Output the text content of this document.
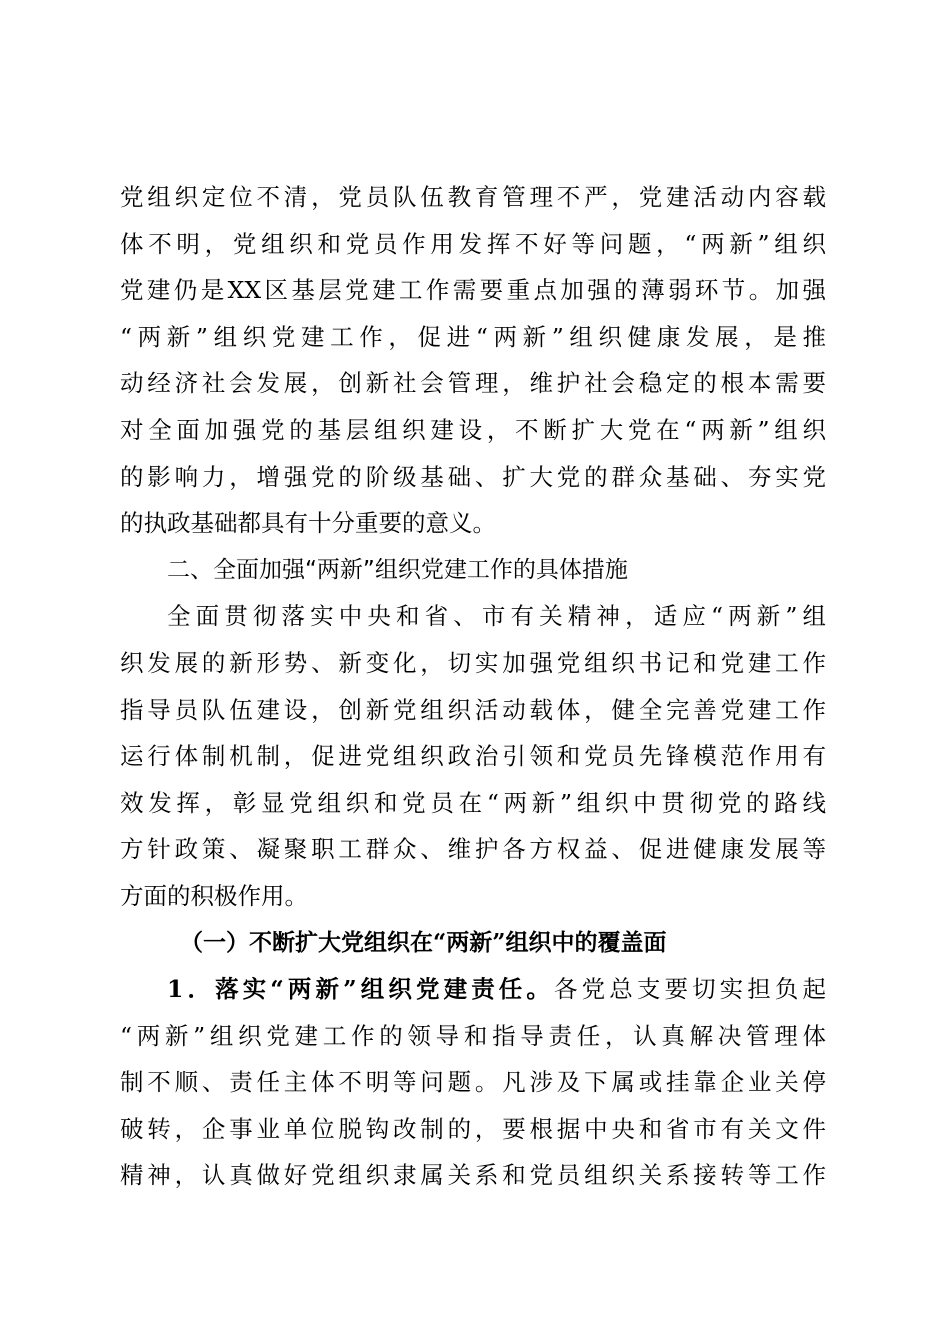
党组织定位不清，党员队伍教育管理不严，党建活动内容载
体不明，党组织和党员作用发挥不好等问题，“两新”组织
党建仍是XX区基层党建工作需要重点加强的薄弱环节。加强
“两新”组织党建工作，促进“两新”组织健康发展，是推
动经济社会发展，创新社会管理，维护社会稳定的根本需要
对全面加强党的基层组织建设，不断扩大党在“两新”组织
的影响力，增强党的阶级基础、扩大党的群众基础、夯实党
的执政基础都具有十分重要的意义。
二、全面加强“两新”组织党建工作的具体措施
全面贯彻落实中央和省、市有关精神，适应“两新”组
织发展的新形势、新变化，切实加强党组织书记和党建工作
指导员队伍建设，创新党组织活动载体，健全完善党建工作
运行体制机制，促进党组织政治引领和党员先锋模范作用有
效发挥，彰显党组织和党员在“两新”组织中贯彻党的路线
方针政策、凝聚职工群众、维护各方权益、促进健康发展等
方面的积极作用。
（一）不断扩大党组织在“两新”组织中的覆盖面
1．落实“两新”组织党建责任。各党总支要切实担负起
“两新”组织党建工作的领导和指导责任，认真解决管理体
制不顺、责任主体不明等问题。凡涉及下属或挂靠企业关停
破转，企事业单位脱钩改制的，要根据中央和省市有关文件
精神，认真做好党组织隶属关系和党员组织关系接转等工作
